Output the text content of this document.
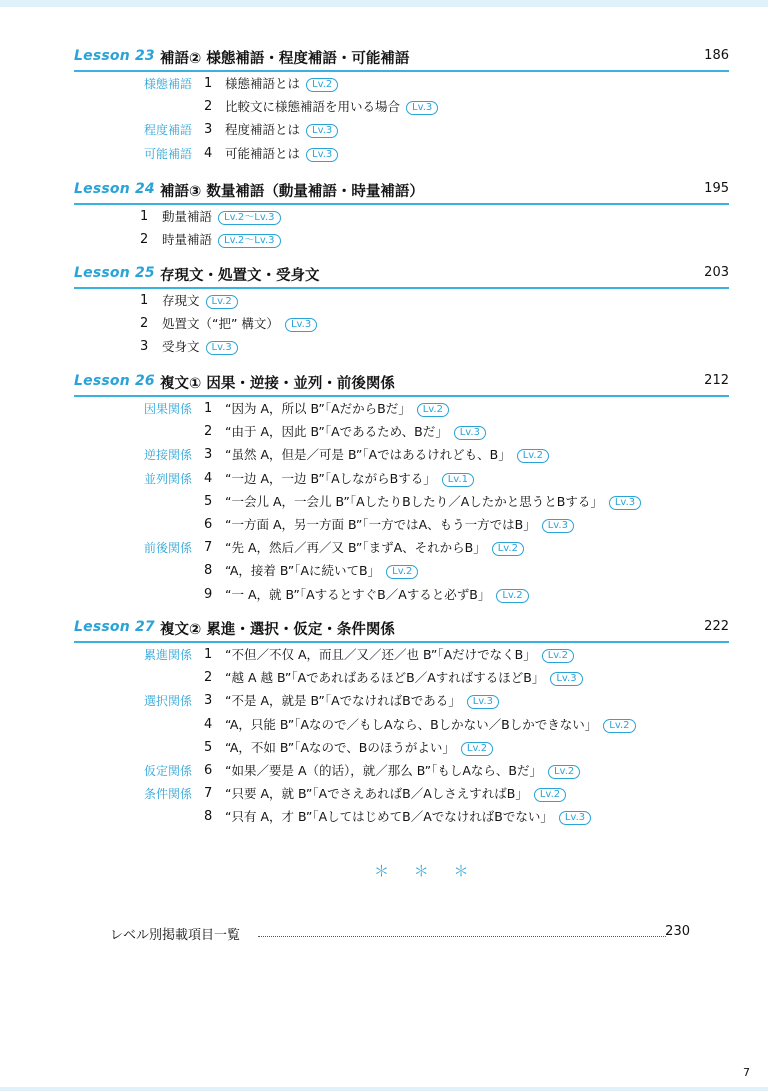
Lesson 23 補語② 様態補語・程度補語・可能補語	186
様態補語 1 様態補語とは Lv.2
2 比較文に様態補語を用いる場合 Lv.3
程度補語 3 程度補語とは Lv.3
可能補語 4 可能補語とは Lv.3
Lesson 24 補語③ 数量補語（動量補語・時量補語）	195
1 動量補語 Lv.2～Lv.3
2 時量補語 Lv.2～Lv.3
Lesson 25 存現文・処置文・受身文	203
1 存現文 Lv.2
2 処置文（“把” 構文） Lv.3
3 受身文 Lv.3
Lesson 26 複文① 因果・逆接・並列・前後関係	212
因果関係 1 “因为 A，所以 B”「AだからBだ」 Lv.2
2 “由于 A，因此 B”「Aであるため、Bだ」 Lv.3
逆接関係 3 “虽然 A，但是／可是 B”「Aではあるけれども、B」 Lv.2
並列関係 4 “一边 A，一边 B”「AしながらBする」 Lv.1
5 “一会儿 A，一会儿 B”「AしたりBしたり／Aしたかと思うとBする」 Lv.3
6 “一方面 A，另一方面 B”「一方ではA、もう一方ではB」 Lv.3
前後関係 7 “先 A，然后／再／又 B”「まずA、それからB」 Lv.2
8 “A，接着 B”「Aに続いてB」 Lv.2
9 “一 A，就 B”「AするとすぐB／Aすると必ずB」 Lv.2
Lesson 27 複文② 累進・選択・仮定・条件関係	222
累進関係 1 “不但／不仅 A，而且／又／还／也 B”「AだけでなくB」 Lv.2
2 “越 A 越 B”「AであればあるほどB／AすればするほどB」 Lv.3
選択関係 3 “不是 A，就是 B”「AでなければBである」 Lv.3
4 “A，只能 B”「Aなので／もしAなら、Bしかない／Bしかできない」 Lv.2
5 “A，不如 B”「Aなので、Bのほうがよい」 Lv.2
仮定関係 6 “如果／要是 A（的话），就／那么 B”「もしAなら、Bだ」 Lv.2
条件関係 7 “只要 A，就 B”「AでさえあればB／AしさえすればB」 Lv.2
8 “只有 A，才 B”「AしてはじめてB／AでなければBでない」 Lv.3
＊ ＊ ＊
レベル別掲載項目一覧	230
7
